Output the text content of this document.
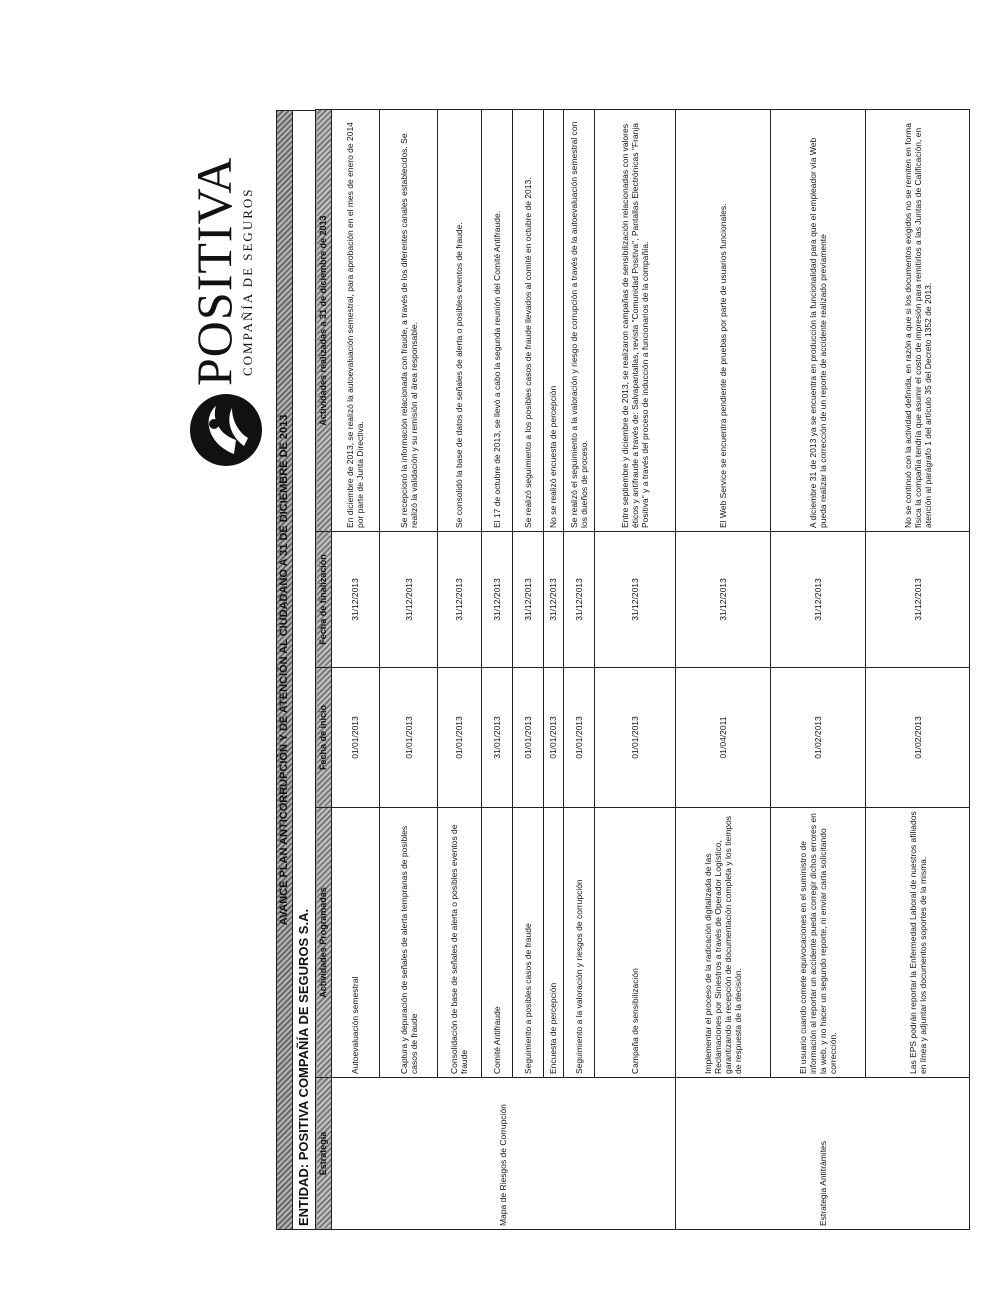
POSITIVA
COMPAÑÍA DE SEGUROS
AVANCE PLAN ANTICORRUPCIÓN Y DE ATENCIÓN AL CIUDADANO A 31 DE DICIEMBRE DE 2013
ENTIDAD: POSITIVA COMPAÑÍA DE SEGUROS S.A. Estrategia	Actividades Programadas	Fecha de inicio	Fecha de finalización	Actividades realizadas a 31 de diciembre de 2013
Mapa de Riesgos de Corrupción	Autoevaluación semestral	01/01/2013	31/12/2013	En diciembre de 2013, se realizó la autoevaluación semestral, para aprobación en el mes de enero de 2014 por parte de Junta Directiva.
	Captura y depuración de señales de alerta tempranas de posibles casos de fraude	01/01/2013	31/12/2013	Se recepcionó la información relacionada con fraude, a través de los diferentes canales establecidos. Se realizó la validación y su remisión al área responsable.
	Consolidación de base de señales de alerta o posibles eventos de fraude	01/01/2013	31/12/2013	Se consolidó la base de datos de señales de alerta o posibles eventos de fraude.
	Comité Antifraude	31/01/2013	31/12/2013	El 17 de octubre de 2013, se llevó a cabo la segunda reunión del Comité Antifraude.
	Seguimiento a posibles casos de fraude	01/01/2013	31/12/2013	Se realizó seguimiento a los posibles casos de fraude llevados al comité en octubre de 2013.
	Encuesta de percepción	01/01/2013	31/12/2013	No se realizó encuesta de percepción
	Seguimiento a la valoración y riesgos de corrupción	01/01/2013	31/12/2013	Se realizó el seguimiento a la valoración y riesgo de corrupción a través de la autoevaluación semestral con los dueños de proceso.
	Campaña de sensibilización	01/01/2013	31/12/2013	Entre septiembre y diciembre de 2013, se realizaron campañas de sensibilización relacionadas con valores éticos y antifraude a través de: Salvapantallas, revista "Comunidad Positiva", Pantallas Electrónicas "Franja Positiva" y a través del proceso de inducción a funcionarios de la compañía.
Estrategia Antitrámites	Implementar el proceso de la radicación digitalizada de las Reclamaciones por Siniestros a través de Operador Logístico, garantizando la recepción de documentación completa y los tiempos de respuesta de la decisión.	01/04/2011	31/12/2013	El Web Service se encuentra pendiente de pruebas por parte de usuarios funcionales.
	El usuario cuando comete equivocaciones en el suministro de información al reportar un accidente pueda corregir dichos errores en la web, y no hacer un segundo reporte, ni enviar carta solicitando corrección.	01/02/2013	31/12/2013	A diciembre 31 de 2013 ya se encuentra en producción la funcionalidad para que el empleador vía Web pueda realizar la corrección de un reporte de accidente realizado previamente
	Las EPS podrán reportar la Enfermedad Laboral de nuestros afiliados en línea y adjuntar los documentos soportes de la misma.	01/02/2013	31/12/2013	No se continuó con la actividad definida, en razón a que si los documentos exigidos no se remiten en forma física la compañía tendría que asumir el costo de impresión para remitirlos a las Juntas de Calificación, en atención al parágrafo 1 del artículo 35 del Decreto 1352 de 2013.
